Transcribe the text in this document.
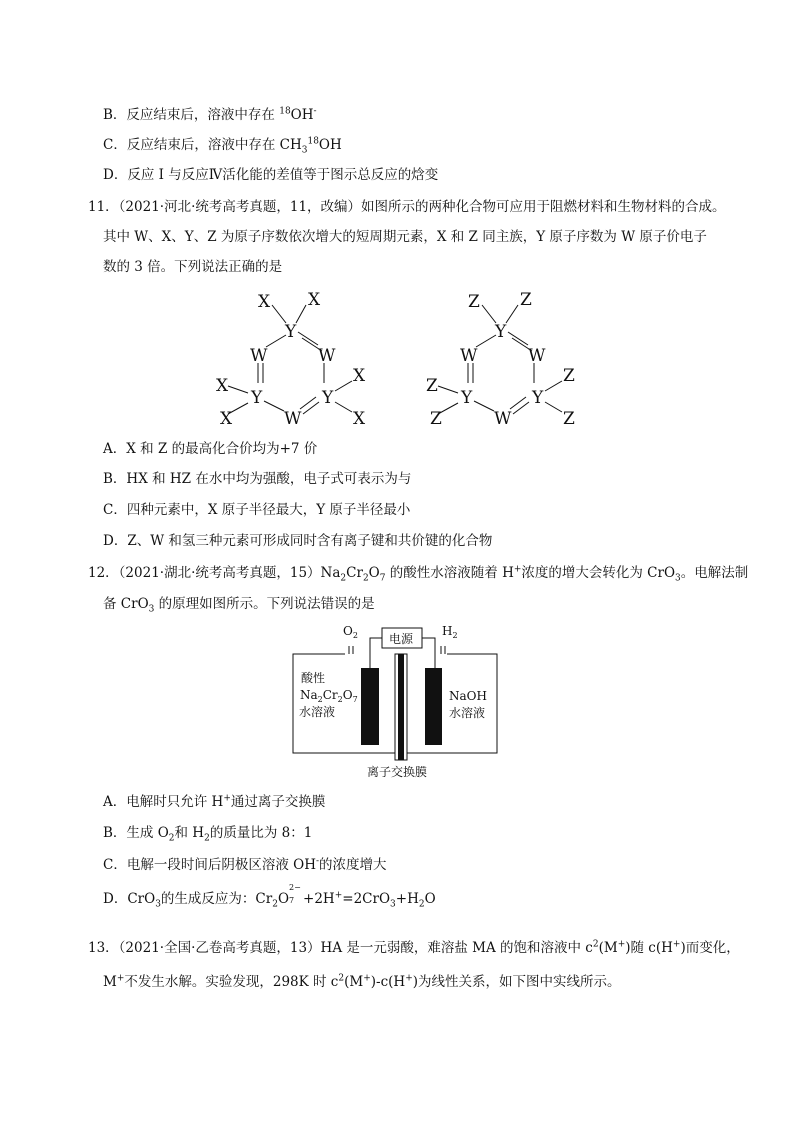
B．反应结束后，溶液中存在 $^{18}$OH-
C．反应结束后，溶液中存在 $CH_3^{18}OH$
D．反应 I 与反应Ⅳ活化能的差值等于图示总反应的焓变
11．（2021·河北·统考高考真题，11，改编）如图所示的两种化合物可应用于阻燃材料和生物材料的合成。
其中 W、X、Y、Z 为原子序数依次增大的短周期元素，X 和 Z 同主族，Y 原子序数为 W 原子价电子
数的 3 倍。下列说法正确的是
X X
Y
W	W
X
Y	Y
X
W
X	X
Z Z
Y
W	W
Z
Y	Y
Z
W
Z	Z
A．X 和 Z 的最高化合价均为+7 价
B．HX 和 HZ 在水中均为强酸，电子式可表示为与
C．四种元素中，X 原子半径最大，Y 原子半径最小
D．Z、W 和氢三种元素可形成同时含有离子键和共价键的化合物
12．（2021·湖北·统考高考真题，$15)Na_2Cr_2O_7$ 的酸性水溶液随着 H+浓度的增大会转化为 CrO$_3$。电解法制
备 CrO$_3$ 的原理如图所示。下列说法错误的是
$O_2$	$H_2$
电源
酸性
$Na_2Cr_2O_7$
水溶液
NaOH
水溶液
离子交换膜
A．电解时只允许 H+通过离子交换膜
B．生成 $O_2$和 $H_2$的质量比为 8：1
C．电解一段时间后阴极区溶液 OH-的浓度增大
D．CrO$_3$的生成反应为：$Cr_2O$
2−
$7 +2H^+=2CrO_3+H_2O$
13．（2021·全国·乙卷高考真题，13）HA 是一元弱酸，难溶盐 MA 的饱和溶液中 $c^2(M^+)$随 c(H+)而变化，
M+不发生水解。实验发现，298K 时 $c^2(M^+)-c(H^+)$为线性关系，如下图中实线所示。
